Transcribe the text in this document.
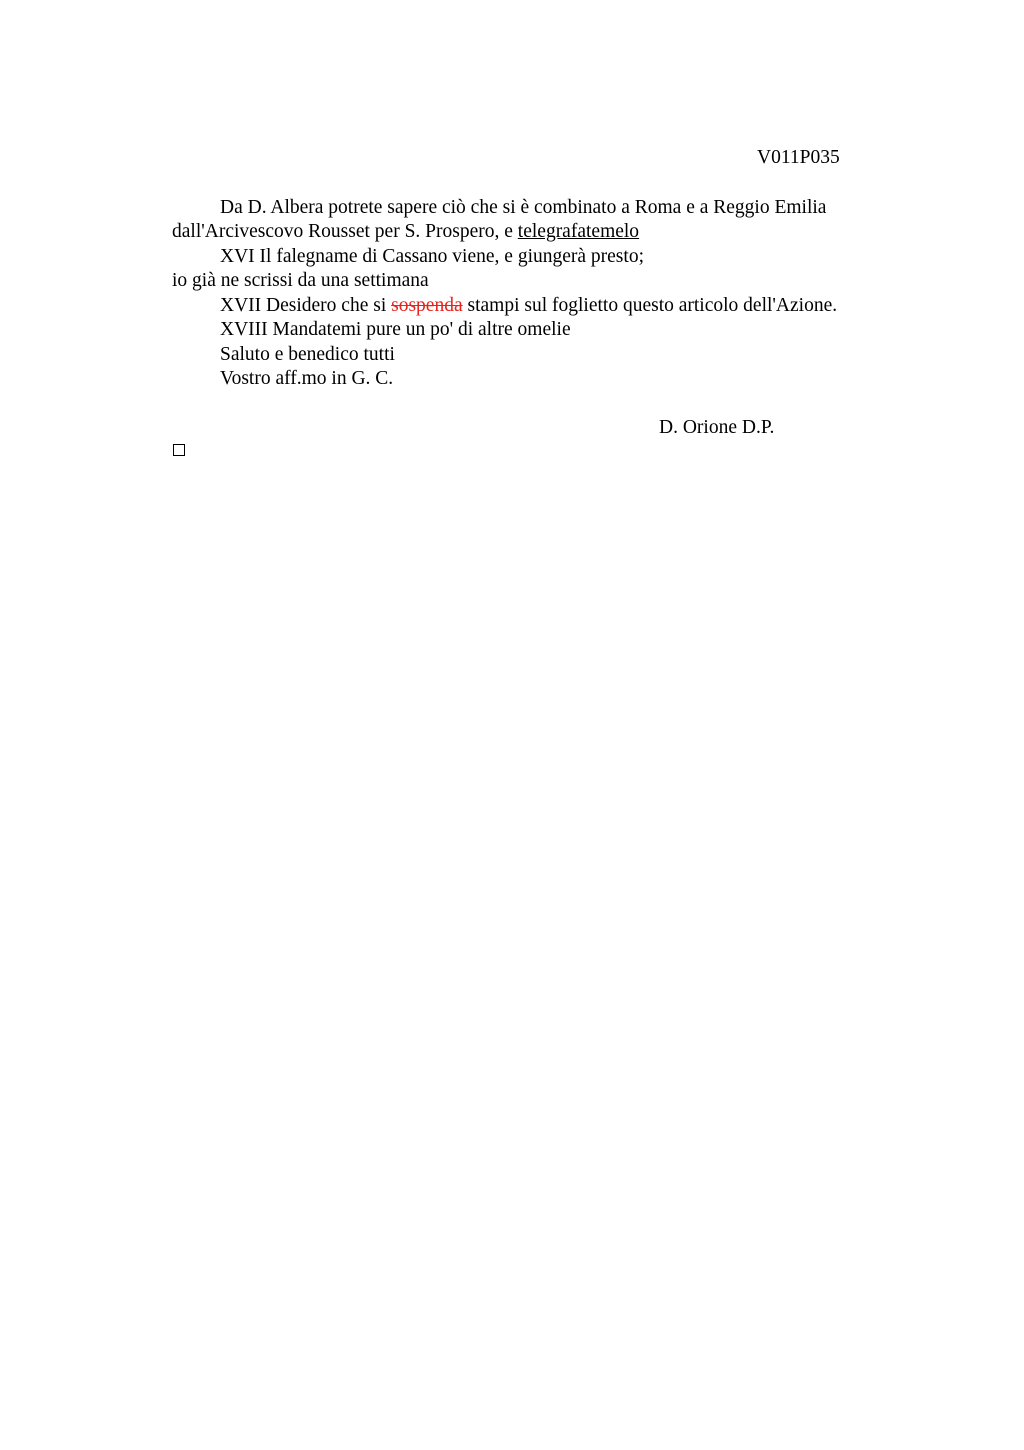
V011P035
Da D. Albera potrete sapere ciò che si è combinato a Roma e a Reggio Emilia
dall'Arcivescovo Rousset per S. Prospero, e telegrafatemelo
XVI Il falegname di Cassano viene, e giungerà presto;
io già ne scrissi da una settimana
XVII Desidero che si sospenda stampi sul foglietto questo articolo dell'Azione.
XVIII Mandatemi pure un po' di altre omelie
Saluto e benedico tutti
Vostro aff.mo in G. C.
D. Orione D.P.
